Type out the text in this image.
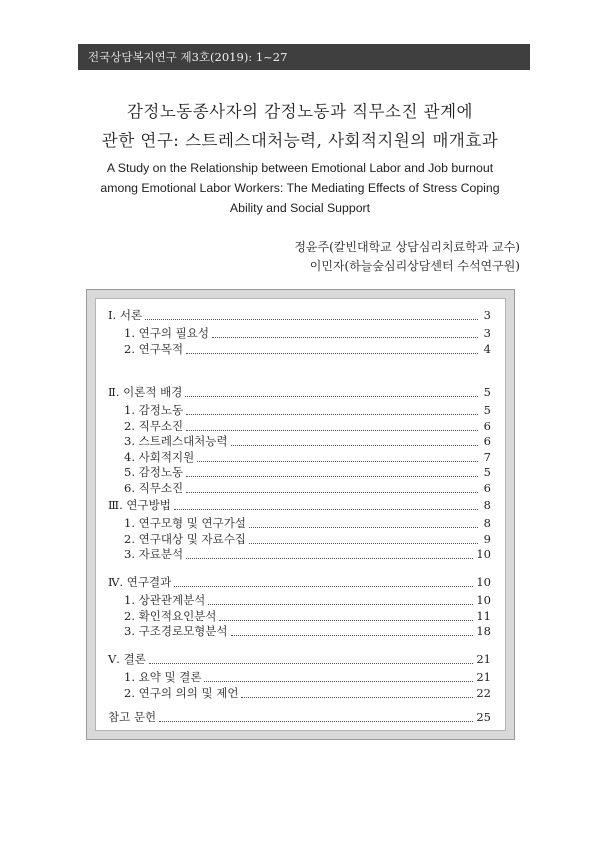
전국상담복지연구 제3호(2019): 1~27
감정노동종사자의 감정노동과 직무소진 관계에
관한 연구: 스트레스대처능력, 사회적지원의 매개효과
A Study on the Relationship between Emotional Labor and Job burnout
among Emotional Labor Workers: The Mediating Effects of Stress Coping
Ability and Social Support
정윤주(칼빈대학교 상담심리치료학과 교수)
이민자(하늘숲심리상담센터 수석연구원)
Ⅰ. 서론	3
1. 연구의 필요성	3
2. 연구목적	4
Ⅱ. 이론적 배경	5
1. 감정노동	5
2. 직무소진	6
3. 스트레스대처능력	6
4. 사회적지원	7
5. 감정노동	5
6. 직무소진	6
Ⅲ. 연구방법	8
1. 연구모형 및 연구가설	8
2. 연구대상 및 자료수집	9
3. 자료분석	10
Ⅳ. 연구결과	10
1. 상관관계분석	10
2. 확인적요인분석	11
3. 구조경로모형분석	18
Ⅴ. 결론	21
1. 요약 및 결론	21
2. 연구의 의의 및 제언	22
참고 문헌	25
